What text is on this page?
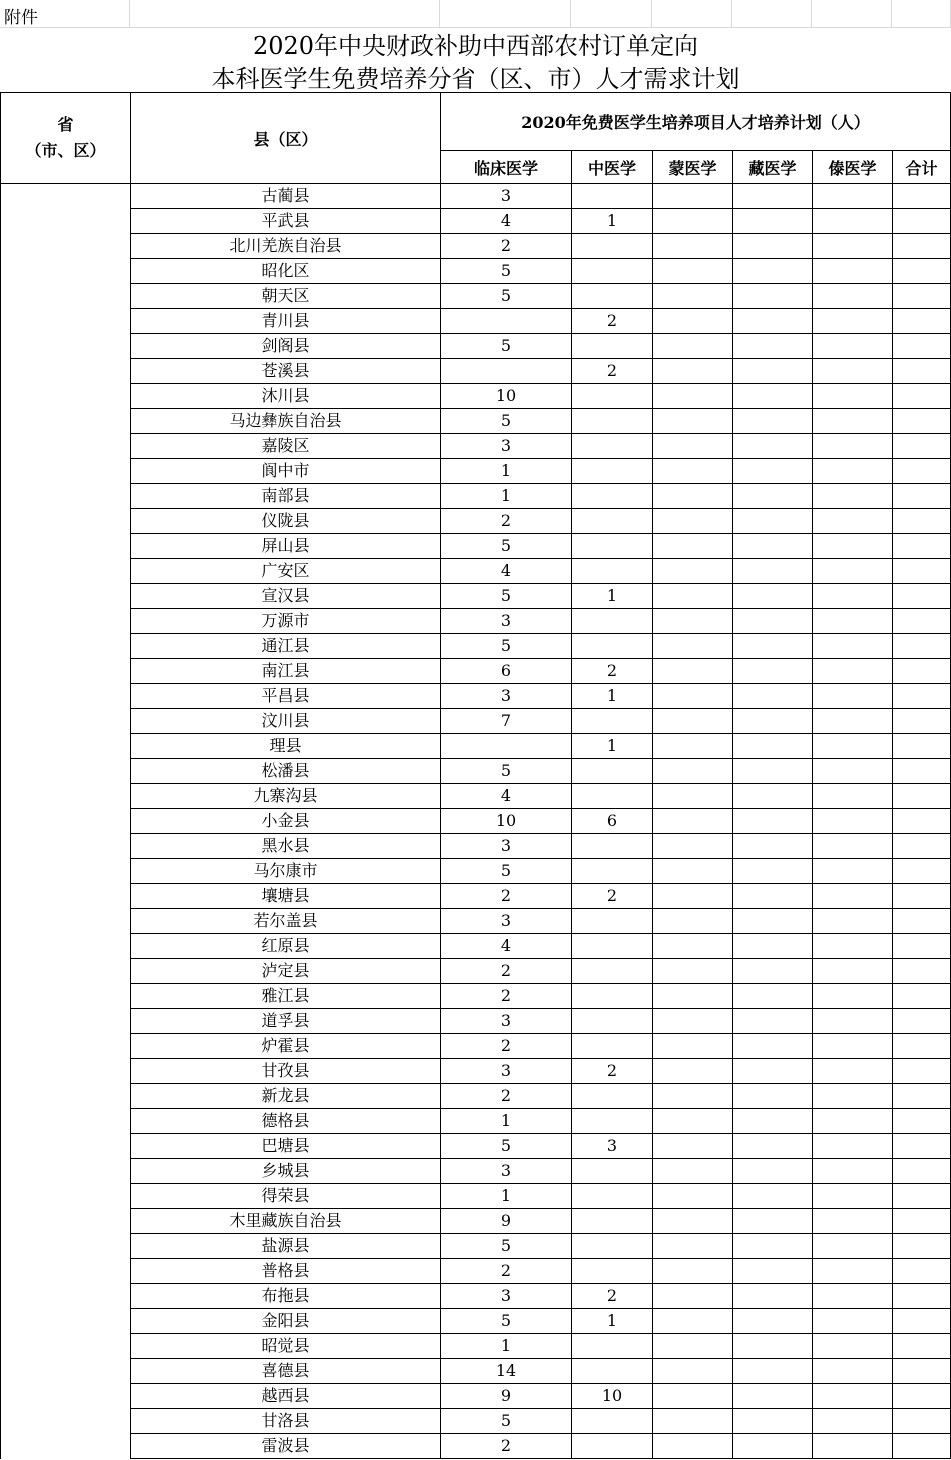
附件
2020年中央财政补助中西部农村订单定向
本科医学生免费培养分省（区、市）人才需求计划
省
（市、区）	县（区）	2020年免费医学生培养项目人才培养计划（人）					
		临床医学	中医学	蒙医学	藏医学	傣医学	合计
	古蔺县	3					
	平武县	4	1				
	北川羌族自治县	2					
	昭化区	5					
	朝天区	5					
	青川县		2				
	剑阁县	5					
	苍溪县		2				
	沐川县	10					
	马边彝族自治县	5					
	嘉陵区	3					
	阆中市	1					
	南部县	1					
	仪陇县	2					
	屏山县	5					
	广安区	4					
	宣汉县	5	1				
	万源市	3					
	通江县	5					
	南江县	6	2				
	平昌县	3	1				
	汶川县	7					
	理县		1				
	松潘县	5					
	九寨沟县	4					
	小金县	10	6				
	黑水县	3					
	马尔康市	5					
	壤塘县	2	2				
	若尔盖县	3					
	红原县	4					
	泸定县	2					
	雅江县	2					
	道孚县	3					
	炉霍县	2					
	甘孜县	3	2				
	新龙县	2					
	德格县	1					
	巴塘县	5	3				
	乡城县	3					
	得荣县	1					
	木里藏族自治县	9					
	盐源县	5					
	普格县	2					
	布拖县	3	2				
	金阳县	5	1				
	昭觉县	1					
	喜德县	14					
	越西县	9	10				
	甘洛县	5					
	雷波县	2					
